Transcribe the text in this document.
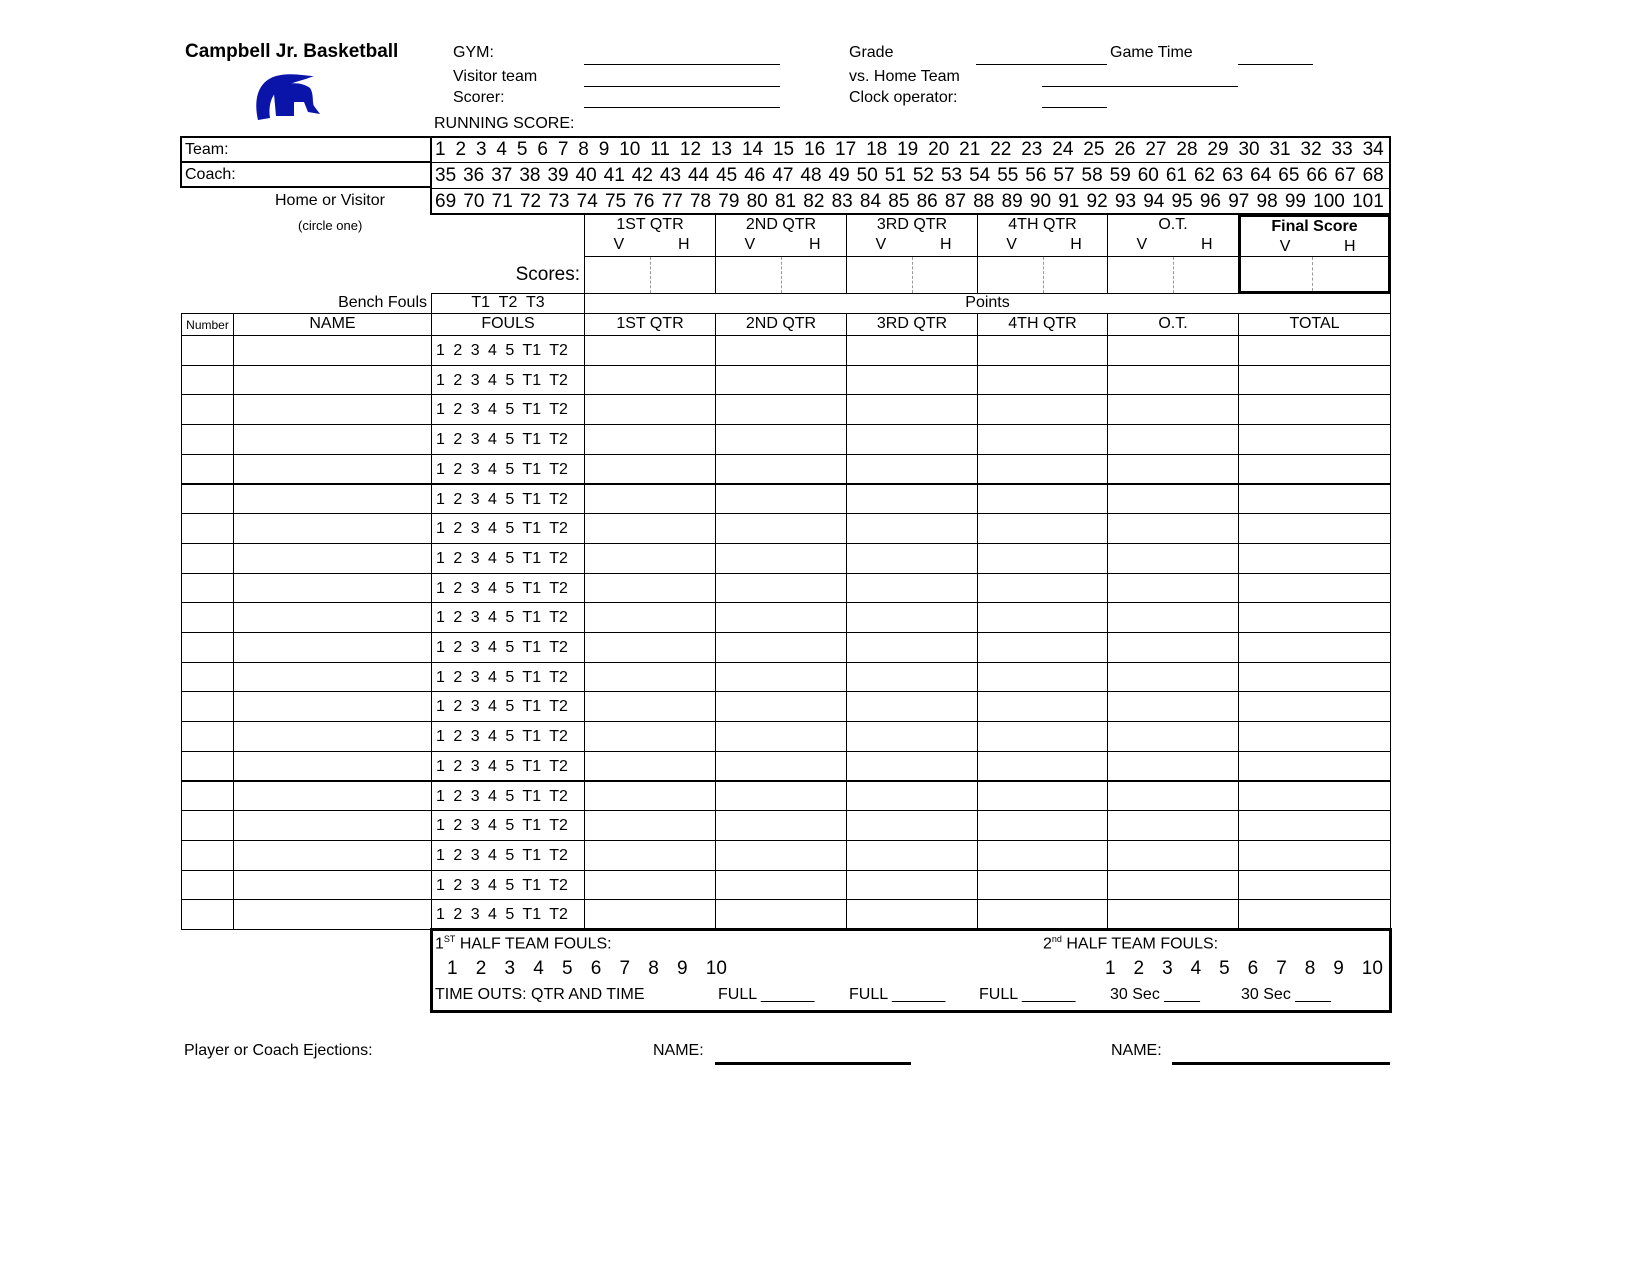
Campbell Jr. Basketball	GYM:
Visitor team
Scorer:
Grade	Game Time
vs. Home Team
Clock operator:
RUNNING SCORE:
Team:
Coach:
Home or Visitor
(circle one)
Scores:
Bench Fouls	T1  T2  T3	Points
1ST HALF TEAM FOULS:	2nd HALF TEAM FOULS:
1 2 3 4 5 6 7 8 9 10	1 2 3 4 5 6 7 8 9 10
TIME OUTS: QTR AND TIME	FULL ______ FULL ______ FULL ______ 30 Sec ____	30 Sec ____
Player or Coach Ejections:	NAME:	NAME:
1 2 3 4 5 6 7 8 9 10 11 12 13 14 15 16 17 18 19 20 21 22 23 24 25 26 27 28 29 30 31 32 33 34
35 36 37 38 39 40 41 42 43 44 45 46 47 48 49 50 51 52 53 54 55 56 57 58 59 60 61 62 63 64 65 66 67 68
69 70 71 72 73 74 75 76 77 78 79 80 81 82 83 84 85 86 87 88 89 90 91 92 93 94 95 96 97 98 99 100 101
1ST QTR
V	H
2ND QTR
V	H
3RD QTR
V	H
4TH QTR
V	H
O.T.
V	H
Final Score
V	H
Number	NAME	FOULS	1ST QTR	2ND QTR	3RD QTR	4TH QTR	O.T.	TOTAL
1 2 3 4 5 T1 T2
1 2 3 4 5 T1 T2
1 2 3 4 5 T1 T2
1 2 3 4 5 T1 T2
1 2 3 4 5 T1 T2
1 2 3 4 5 T1 T2
1 2 3 4 5 T1 T2
1 2 3 4 5 T1 T2
1 2 3 4 5 T1 T2
1 2 3 4 5 T1 T2
1 2 3 4 5 T1 T2
1 2 3 4 5 T1 T2
1 2 3 4 5 T1 T2
1 2 3 4 5 T1 T2
1 2 3 4 5 T1 T2
1 2 3 4 5 T1 T2
1 2 3 4 5 T1 T2
1 2 3 4 5 T1 T2
1 2 3 4 5 T1 T2
1 2 3 4 5 T1 T2
